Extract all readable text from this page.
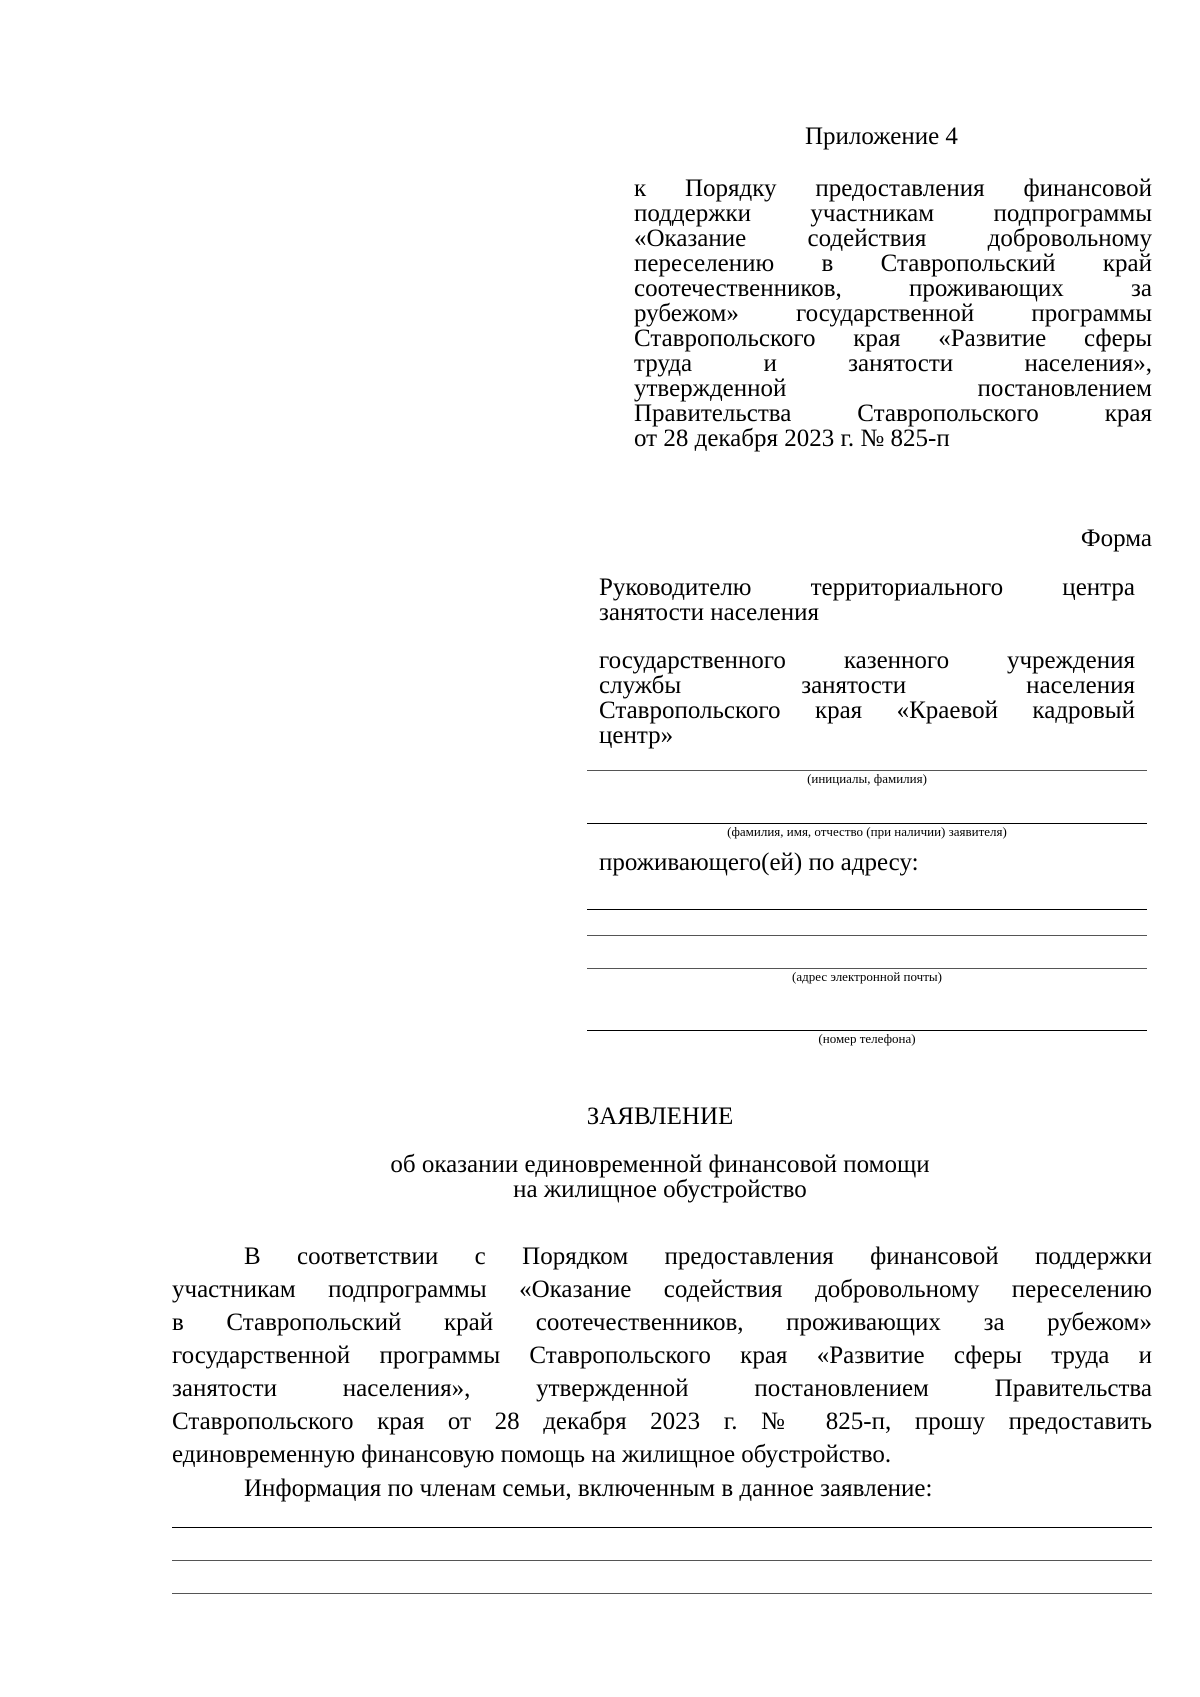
Приложение 4
к Порядку предоставления финансовой
поддержки участникам подпрограммы
«Оказание содействия добровольному
переселению в Ставропольский край
соотечественников, проживающих за
рубежом» государственной программы
Ставропольского края «Развитие сферы
труда и занятости населения»,
утвержденной постановлением
Правительства Ставропольского края
от 28 декабря 2023 г. № 825-п
Форма
Руководителю территориального центра
занятости населения
государственного казенного учреждения
службы занятости населения
Ставропольского края «Краевой кадровый
центр»
(инициалы, фамилия)
(фамилия, имя, отчество (при наличии) заявителя)
проживающего(ей) по адресу:
(адрес электронной почты)
(номер телефона)
ЗАЯВЛЕНИЕ
об оказании единовременной финансовой помощи
на жилищное обустройство
В соответствии с Порядком предоставления финансовой поддержки
участникам подпрограммы «Оказание содействия добровольному переселению
в Ставропольский край соотечественников, проживающих за рубежом»
государственной программы Ставропольского края «Развитие сферы труда и
занятости населения», утвержденной постановлением Правительства
Ставропольского края от 28 декабря 2023 г. № 825-п, прошу предоставить
единовременную финансовую помощь на жилищное обустройство.
Информация по членам семьи, включенным в данное заявление:
